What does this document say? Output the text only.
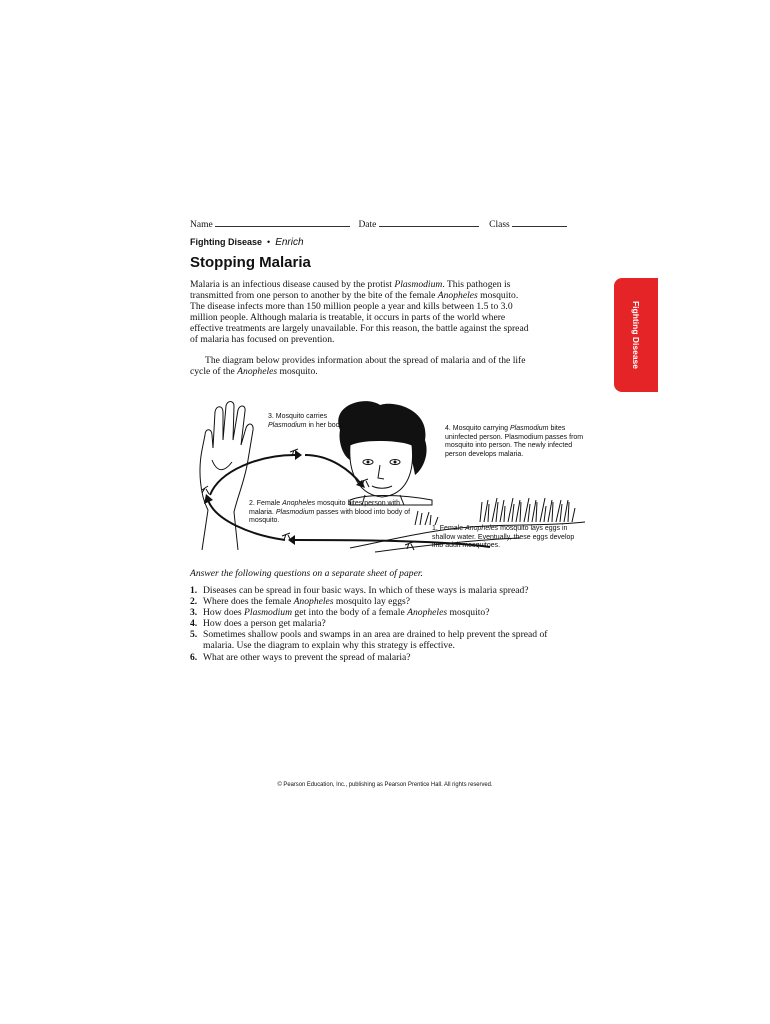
Name	Date	Class
Fighting Disease • Enrich
Stopping Malaria
Fighting Disease

Malaria is an infectious disease caused by the protist Plasmodium. This pathogen is transmitted from one person to another by the bite of the female Anopheles mosquito. The disease infects more than 150 million people a year and kills between 1.5 to 3.0 million people. Although malaria is treatable, it occurs in parts of the world where effective treatments are largely unavailable. For this reason, the battle against the spread of malaria has focused on prevention.

The diagram below provides information about the spread of malaria and of the life cycle of the Anopheles mosquito.

3. Mosquito carries Plasmodium in her body.	4. Mosquito carrying Plasmodium bites uninfected person. Plasmodium passes from mosquito into person. The newly infected person develops malaria.

2. Female Anopheles mosquito bites person with malaria. Plasmodium passes with blood into body of mosquito.

1. Female Anopheles mosquito lays eggs in shallow water. Eventually, these eggs develop into adult mosquitoes.

Answer the following questions on a separate sheet of paper.

1. Diseases can be spread in four basic ways. In which of these ways is malaria spread?
2. Where does the female Anopheles mosquito lay eggs?
3. How does Plasmodium get into the body of a female Anopheles mosquito?
4. How does a person get malaria?
5. Sometimes shallow pools and swamps in an area are drained to help prevent the spread of malaria. Use the diagram to explain why this strategy is effective.
6. What are other ways to prevent the spread of malaria?
© Pearson Education, Inc., publishing as Pearson Prentice Hall. All rights reserved.
